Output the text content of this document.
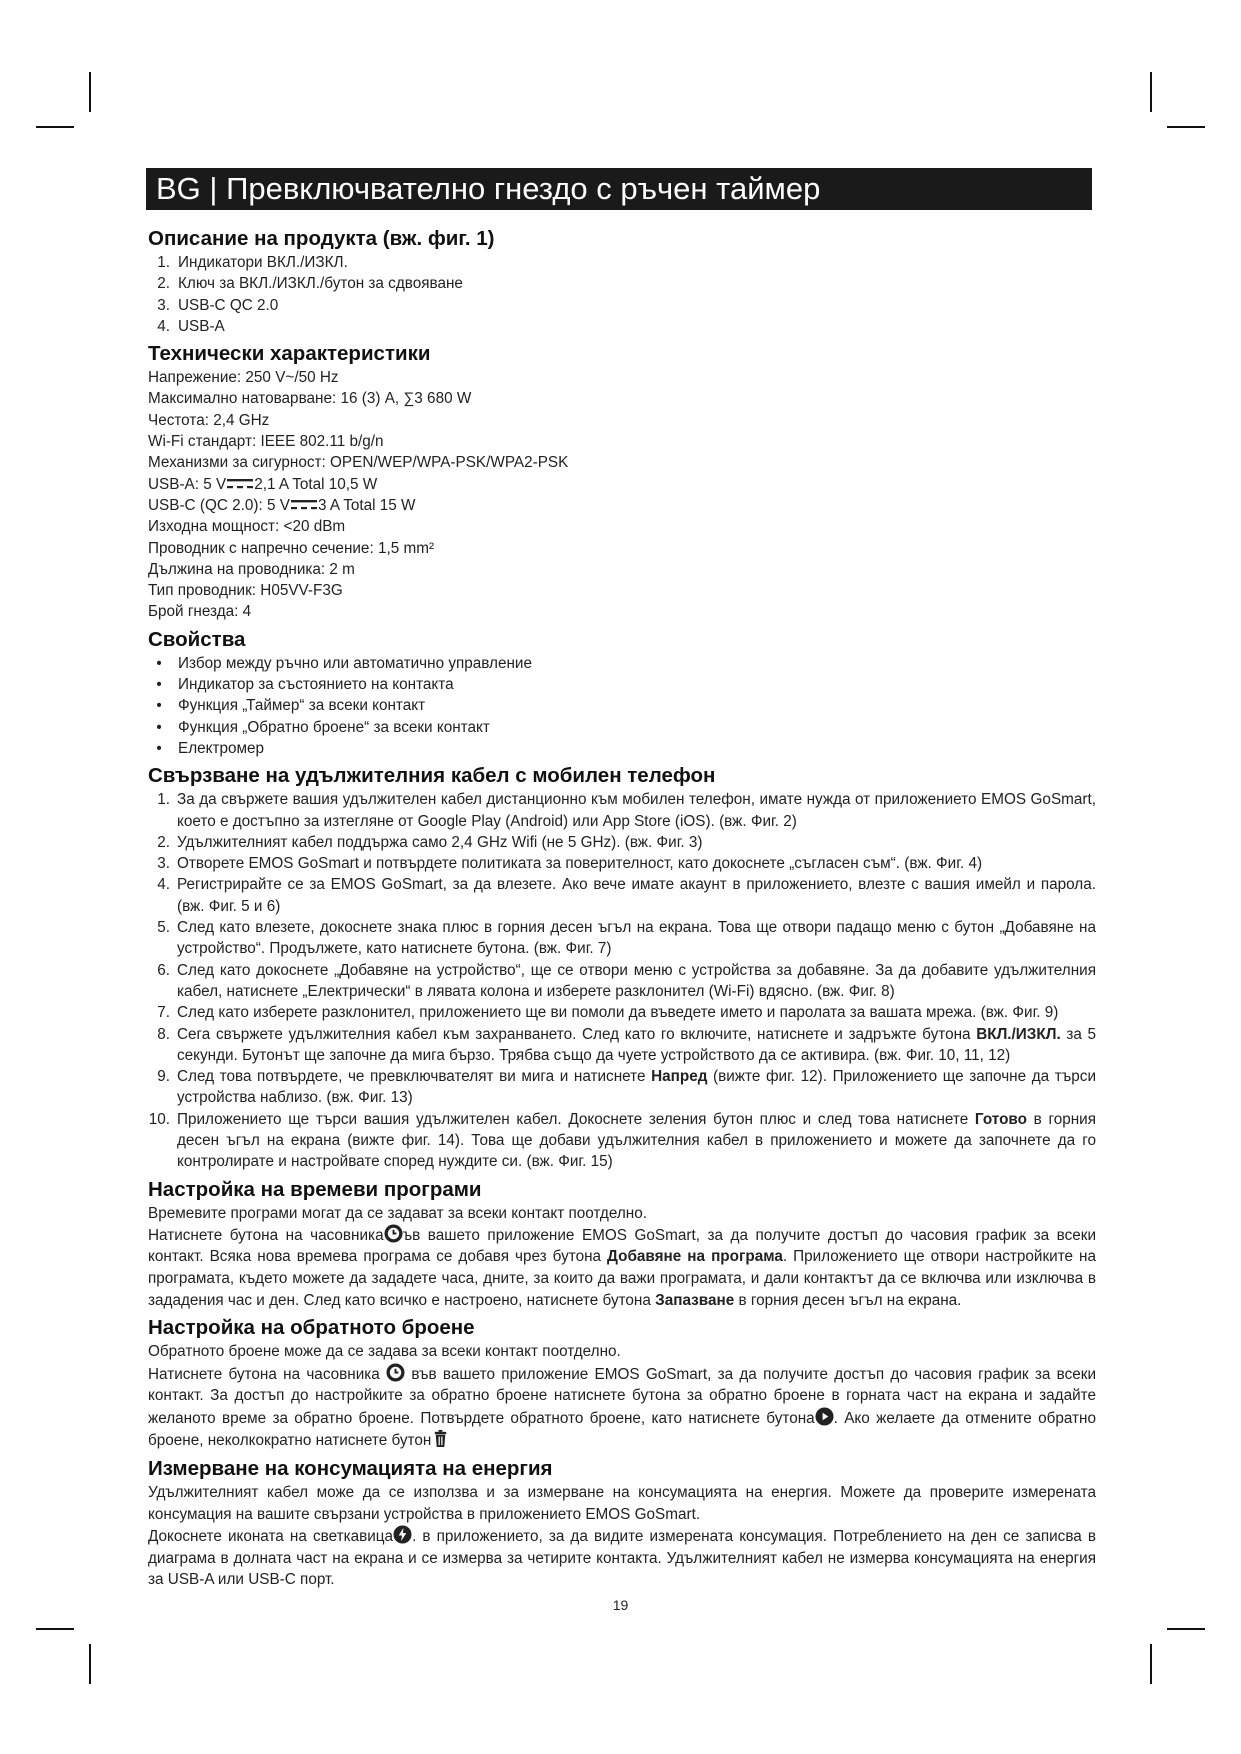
BG | Превключвателно гнездо с ръчен таймер
Описание на продукта (вж. фиг. 1)
1. Индикатори ВКЛ./ИЗКЛ.
2. Ключ за ВКЛ./ИЗКЛ./бутон за сдвояване
3. USB-C QC 2.0
4. USB-A
Технически характеристики
Напрежение: 250 V~/50 Hz
Максимално натоварване: 16 (3) A, ∑3 680 W
Честота: 2,4 GHz
Wi-Fi стандарт: IEEE 802.11 b/g/n
Механизми за сигурност: OPEN/WEP/WPA-PSK/WPA2-PSK
USB-A: 5 V 2,1 A Total 10,5 W
USB-C (QC 2.0): 5 V 3 A Total 15 W
Изходна мощност: <20 dBm
Проводник с напречно сечение: 1,5 mm²
Дължина на проводника: 2 m
Тип проводник: H05VV-F3G
Брой гнезда: 4
Свойства
•	Избор между ръчно или автоматично управление
•	Индикатор за състоянието на контакта
•	Функция „Таймер“ за всеки контакт
•	Функция „Обратно броене“ за всеки контакт
•	Електромер
Свързване на удължителния кабел с мобилен телефон
1. За да свържете вашия удължителен кабел дистанционно към мобилен телефон, имате нужда от приложението EMOS GoSmart, което е достъпно за изтегляне от Google Play (Android) или App Store (iOS). (вж. Фиг. 2)
2. Удължителният кабел поддържа само 2,4 GHz Wifi (не 5 GHz). (вж. Фиг. 3)
3. Отворете EMOS GoSmart и потвърдете политиката за поверителност, като докоснете „съгласен съм“. (вж. Фиг. 4)
4. Регистрирайте се за EMOS GoSmart, за да влезете. Ако вече имате акаунт в приложението, влезте с вашия имейл и парола. (вж. Фиг. 5 и 6)
5. След като влезете, докоснете знака плюс в горния десен ъгъл на екрана. Това ще отвори падащо меню с бутон „Добавяне на устройство“. Продължете, като натиснете бутона. (вж. Фиг. 7)
6. След като докоснете „Добавяне на устройство“, ще се отвори меню с устройства за добавяне. За да добавите удължителния кабел, натиснете „Електрически“ в лявата колона и изберете разклонител (Wi-Fi) вдясно. (вж. Фиг. 8)
7. След като изберете разклонител, приложението ще ви помоли да въведете името и паролата за вашата мрежа. (вж. Фиг. 9)
8. Сега свържете удължителния кабел към захранването. След като го включите, натиснете и задръжте бутона ВКЛ./ИЗКЛ. за 5 секунди. Бутонът ще започне да мига бързо. Трябва също да чуете устройството да се активира. (вж. Фиг. 10, 11, 12)
9. След това потвърдете, че превключвателят ви мига и натиснете Напред (вижте фиг. 12). Приложението ще започне да търси устройства наблизо. (вж. Фиг. 13)
10. Приложението ще търси вашия удължителен кабел. Докоснете зеления бутон плюс и след това натиснете Готово в горния десен ъгъл на екрана (вижте фиг. 14). Това ще добави удължителния кабел в приложението и можете да започнете да го контролирате и настройвате според нуждите си. (вж. Фиг. 15)
Настройка на времеви програми
Времевите програми могат да се задават за всеки контакт поотделно.

Натиснете бутона на часовника ъв вашето приложение EMOS GoSmart, за да получите достъп до часовия график за всеки контакт. Всяка нова времева програма се добавя чрез бутона Добавяне на програма. Приложението ще отвори настройките на програмата, където можете да зададете часа, дните, за които да важи програмата, и дали контактът да се включва или изключва в зададения час и ден. След като всичко е настроено, натиснете бутона Запазване в горния десен ъгъл на екрана.

Настройка на обратното броене
Обратното броене може да се задава за всеки контакт поотделно.

Натиснете бутона на часовника  във вашето приложение EMOS GoSmart, за да получите достъп до часовия график за всеки контакт. За достъп до настройките за обратно броене натиснете бутона за обратно броене в горната част на екрана и задайте желаното време за обратно броене. Потвърдете обратното броене, като натиснете бутона . Ако желаете да отмените обратно броене, неколкократно натиснете бутон

Измерване на консумацията на енергия

Удължителният кабел може да се използва и за измерване на консумацията на енергия. Можете да проверите измерената консумация на вашите свързани устройства в приложението EMOS GoSmart.

Докоснете иконата на светкавица . в приложението, за да видите измерената консумация. Потреблението на ден се записва в диаграма в долната част на екрана и се измерва за четирите контакта. Удължителният кабел не измерва консумацията на енергия за USB-A или USB-C порт.

19
